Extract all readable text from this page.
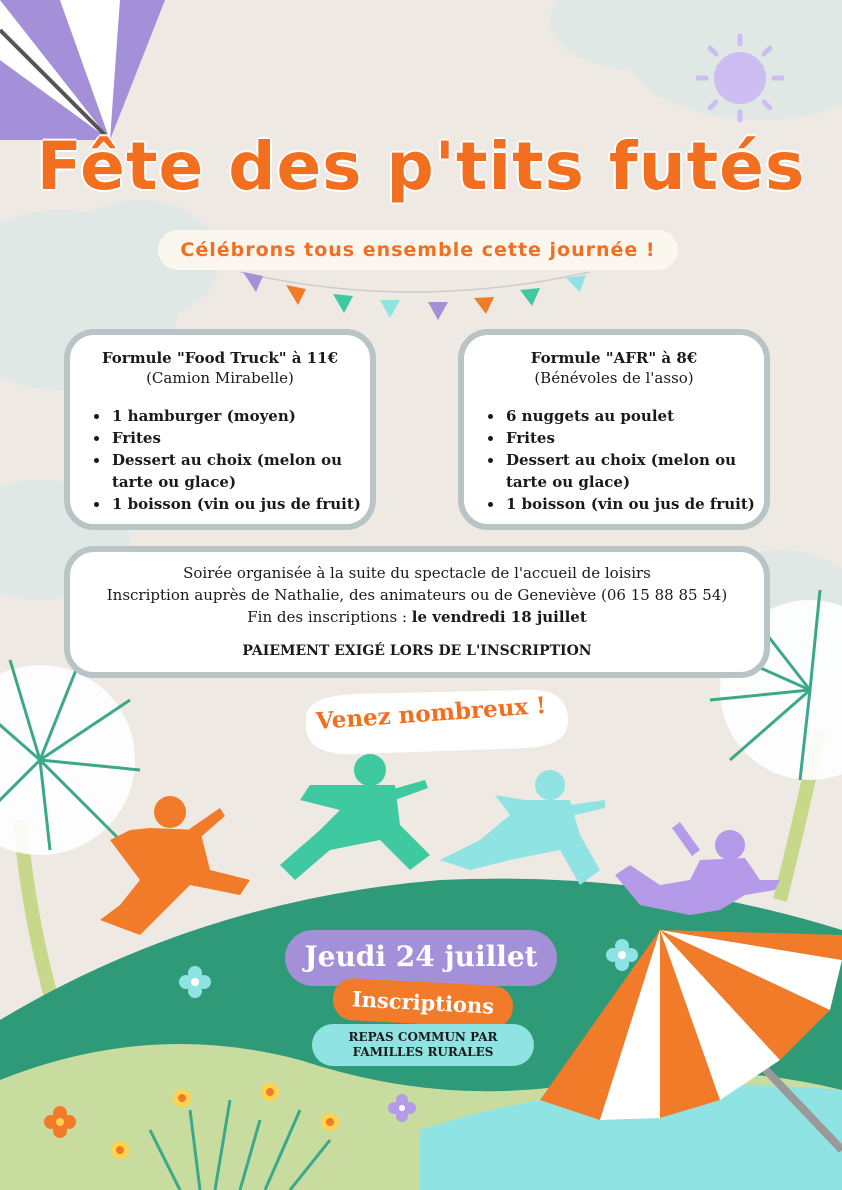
Fête des p'tits futés
Célébrons tous ensemble cette journée !
Formule "Food Truck" à 11€
(Camion Mirabelle)
• 1 hamburger (moyen)
• Frites
• Dessert au choix (melon ou tarte ou glace)
• 1 boisson (vin ou jus de fruit)
Formule "AFR" à 8€
(Bénévoles de l'asso)
• 6 nuggets au poulet
• Frites
• Dessert au choix (melon ou tarte ou glace)
• 1 boisson (vin ou jus de fruit)
Soirée organisée à la suite du spectacle de l'accueil de loisirs
Inscription auprès de Nathalie, des animateurs ou de Geneviève (06 15 88 85 54)
Fin des inscriptions : le vendredi 18 juillet
PAIEMENT EXIGÉ LORS DE L'INSCRIPTION
Venez nombreux !
Jeudi 24 juillet
Inscriptions
REPAS COMMUN PAR
FAMILLES RURALES
